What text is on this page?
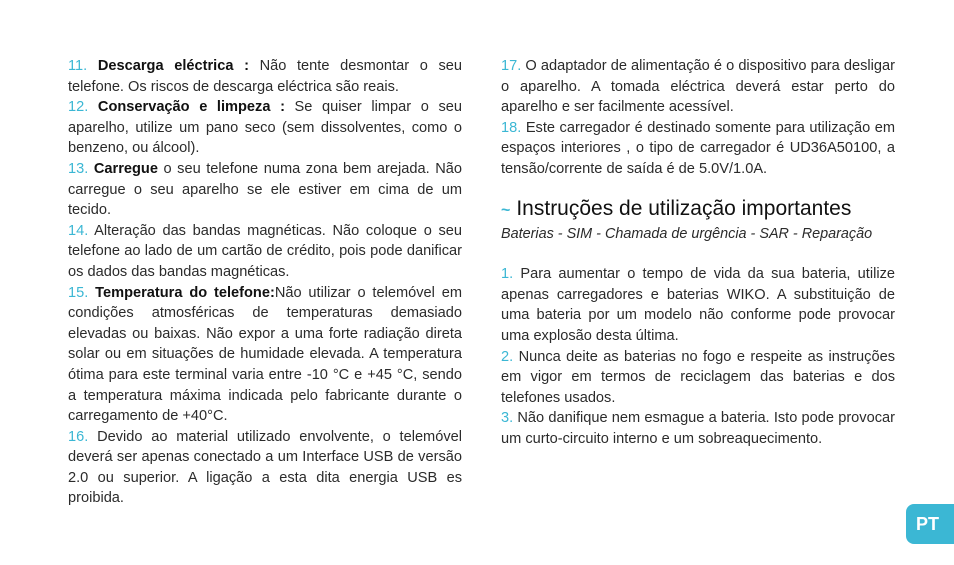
11. Descarga eléctrica : Não tente desmontar o seu telefone. Os riscos de descarga eléctrica são reais.

12. Conservação e limpeza : Se quiser limpar o seu aparelho, utilize um pano seco (sem dissolventes, como o benzeno, ou álcool).

13. Carregue o seu telefone numa zona bem arejada. Não carregue o seu aparelho se ele estiver em cima de um tecido.

14. Alteração das bandas magnéticas. Não coloque o seu telefone ao lado de um cartão de crédito, pois pode danificar os dados das bandas magnéticas.

15. Temperatura do telefone:Não utilizar o telemóvel em condições atmosféricas de temperaturas demasiado elevadas ou baixas. Não expor a uma forte radiação direta solar ou em situações de humidade elevada. A temperatura ótima para este terminal varia entre -10 °C e +45 °C, sendo a temperatura máxima indicada pelo fabricante durante o carregamento de +40°C.

16. Devido ao material utilizado envolvente, o telemóvel deverá ser apenas conectado a um Interface USB de versão 2.0 ou superior. A ligação a esta dita energia USB es proibida.

17. O adaptador de alimentação é o dispositivo para desligar o aparelho. A tomada eléctrica deverá estar perto do aparelho e ser facilmente acessível.

18. Este carregador é destinado somente para utilização em espaços interiores , o tipo de carregador é UD36A50100, a tensão/corrente de saída é de 5.0V/1.0A.

~ Instruções de utilização importantes
Baterias - SIM - Chamada de urgência - SAR - Reparação

1. Para aumentar o tempo de vida da sua bateria, utilize apenas carregadores e baterias WIKO. A substituição de uma bateria por um modelo não conforme pode provocar uma explosão desta última.

2. Nunca deite as baterias no fogo e respeite as instruções em vigor em termos de reciclagem das baterias e dos telefones usados.

3. Não danifique nem esmague a bateria. Isto pode provocar um curto-circuito interno e um sobreaquecimento.

PT
